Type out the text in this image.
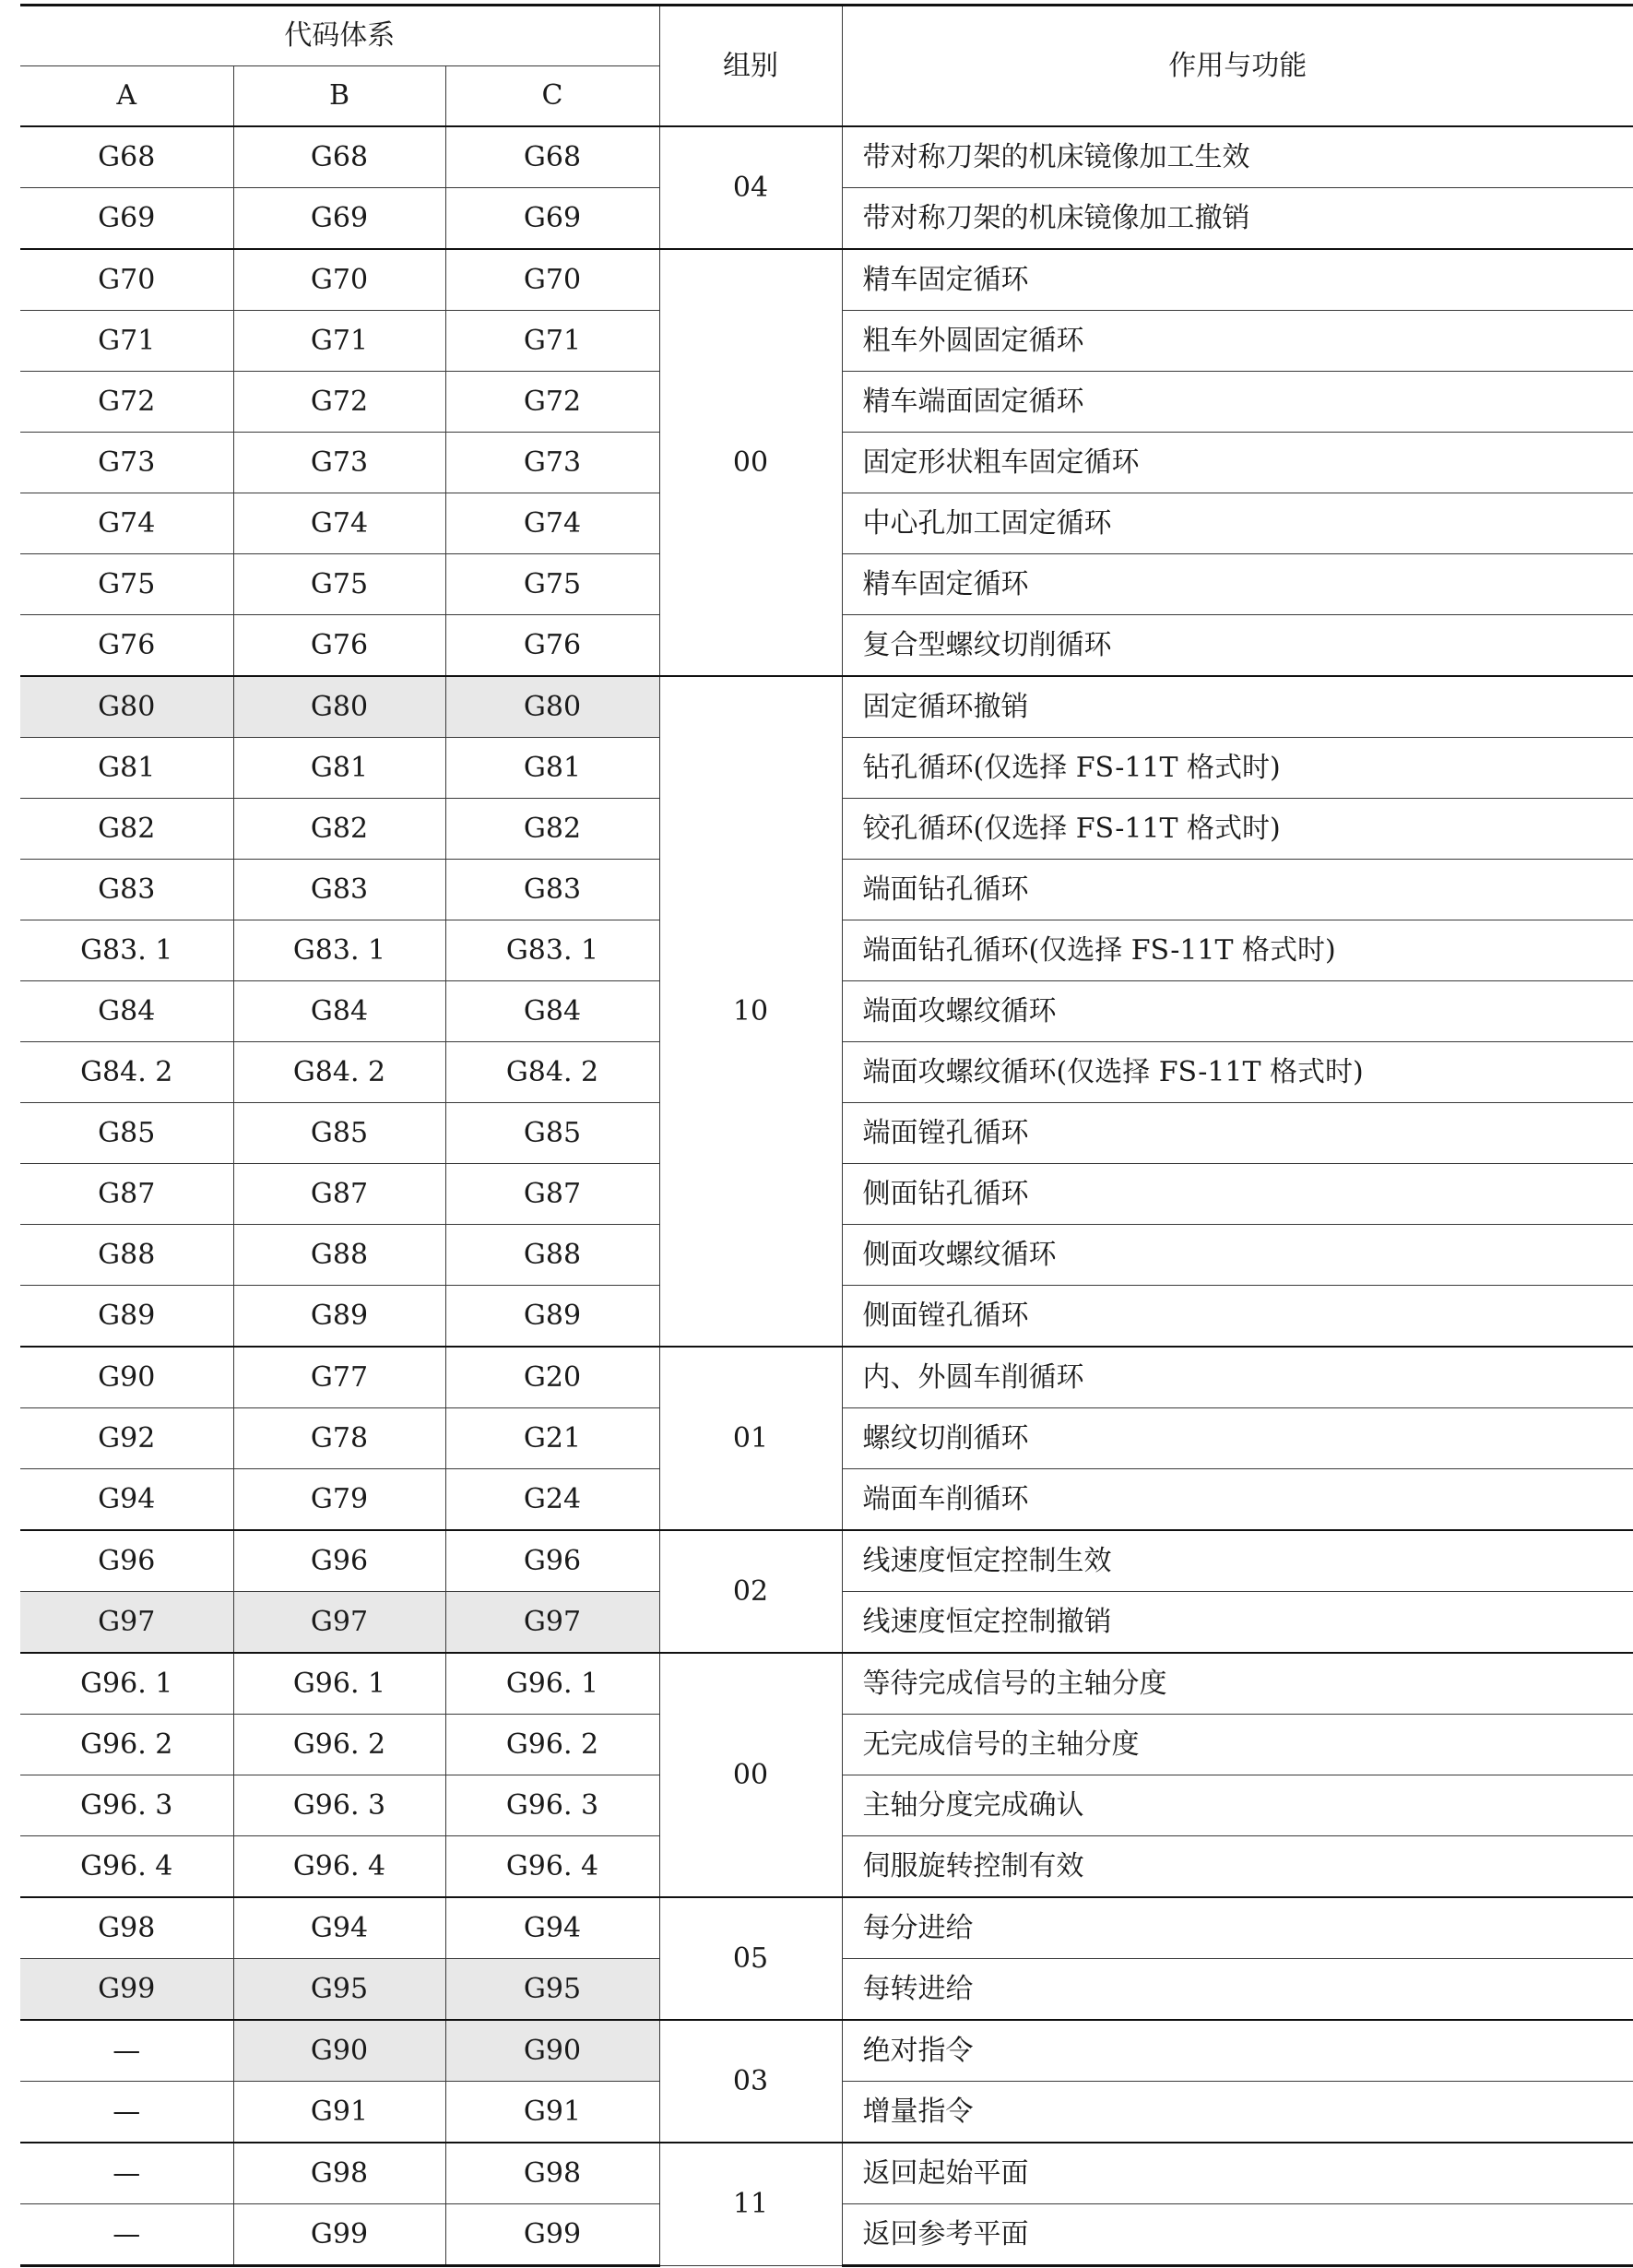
代码体系			组别	作用与功能
A	B	C		
G68	G68	G68	04	带对称刀架的机床镜像加工生效
G69	G69	G69		带对称刀架的机床镜像加工撤销
G70	G70	G70	00	精车固定循环
G71	G71	G71		粗车外圆固定循环
G72	G72	G72		精车端面固定循环
G73	G73	G73		固定形状粗车固定循环
G74	G74	G74		中心孔加工固定循环
G75	G75	G75		精车固定循环
G76	G76	G76		复合型螺纹切削循环
G80	G80	G80	10	固定循环撤销
G81	G81	G81		钻孔循环(仅选择 FS-11T 格式时)
G82	G82	G82		铰孔循环(仅选择 FS-11T 格式时)
G83	G83	G83		端面钻孔循环
G83. 1	G83. 1	G83. 1		端面钻孔循环(仅选择 FS-11T 格式时)
G84	G84	G84		端面攻螺纹循环
G84. 2	G84. 2	G84. 2		端面攻螺纹循环(仅选择 FS-11T 格式时)
G85	G85	G85		端面镗孔循环
G87	G87	G87		侧面钻孔循环
G88	G88	G88		侧面攻螺纹循环
G89	G89	G89		侧面镗孔循环
G90	G77	G20	01	内、外圆车削循环
G92	G78	G21		螺纹切削循环
G94	G79	G24		端面车削循环
G96	G96	G96	02	线速度恒定控制生效
G97	G97	G97		线速度恒定控制撤销
G96. 1	G96. 1	G96. 1	00	等待完成信号的主轴分度
G96. 2	G96. 2	G96. 2		无完成信号的主轴分度
G96. 3	G96. 3	G96. 3		主轴分度完成确认
G96. 4	G96. 4	G96. 4		伺服旋转控制有效
G98	G94	G94	05	每分进给
G99	G95	G95		每转进给
—	G90	G90	03	绝对指令
—	G91	G91		增量指令
—	G98	G98	11	返回起始平面
—	G99	G99		返回参考平面
